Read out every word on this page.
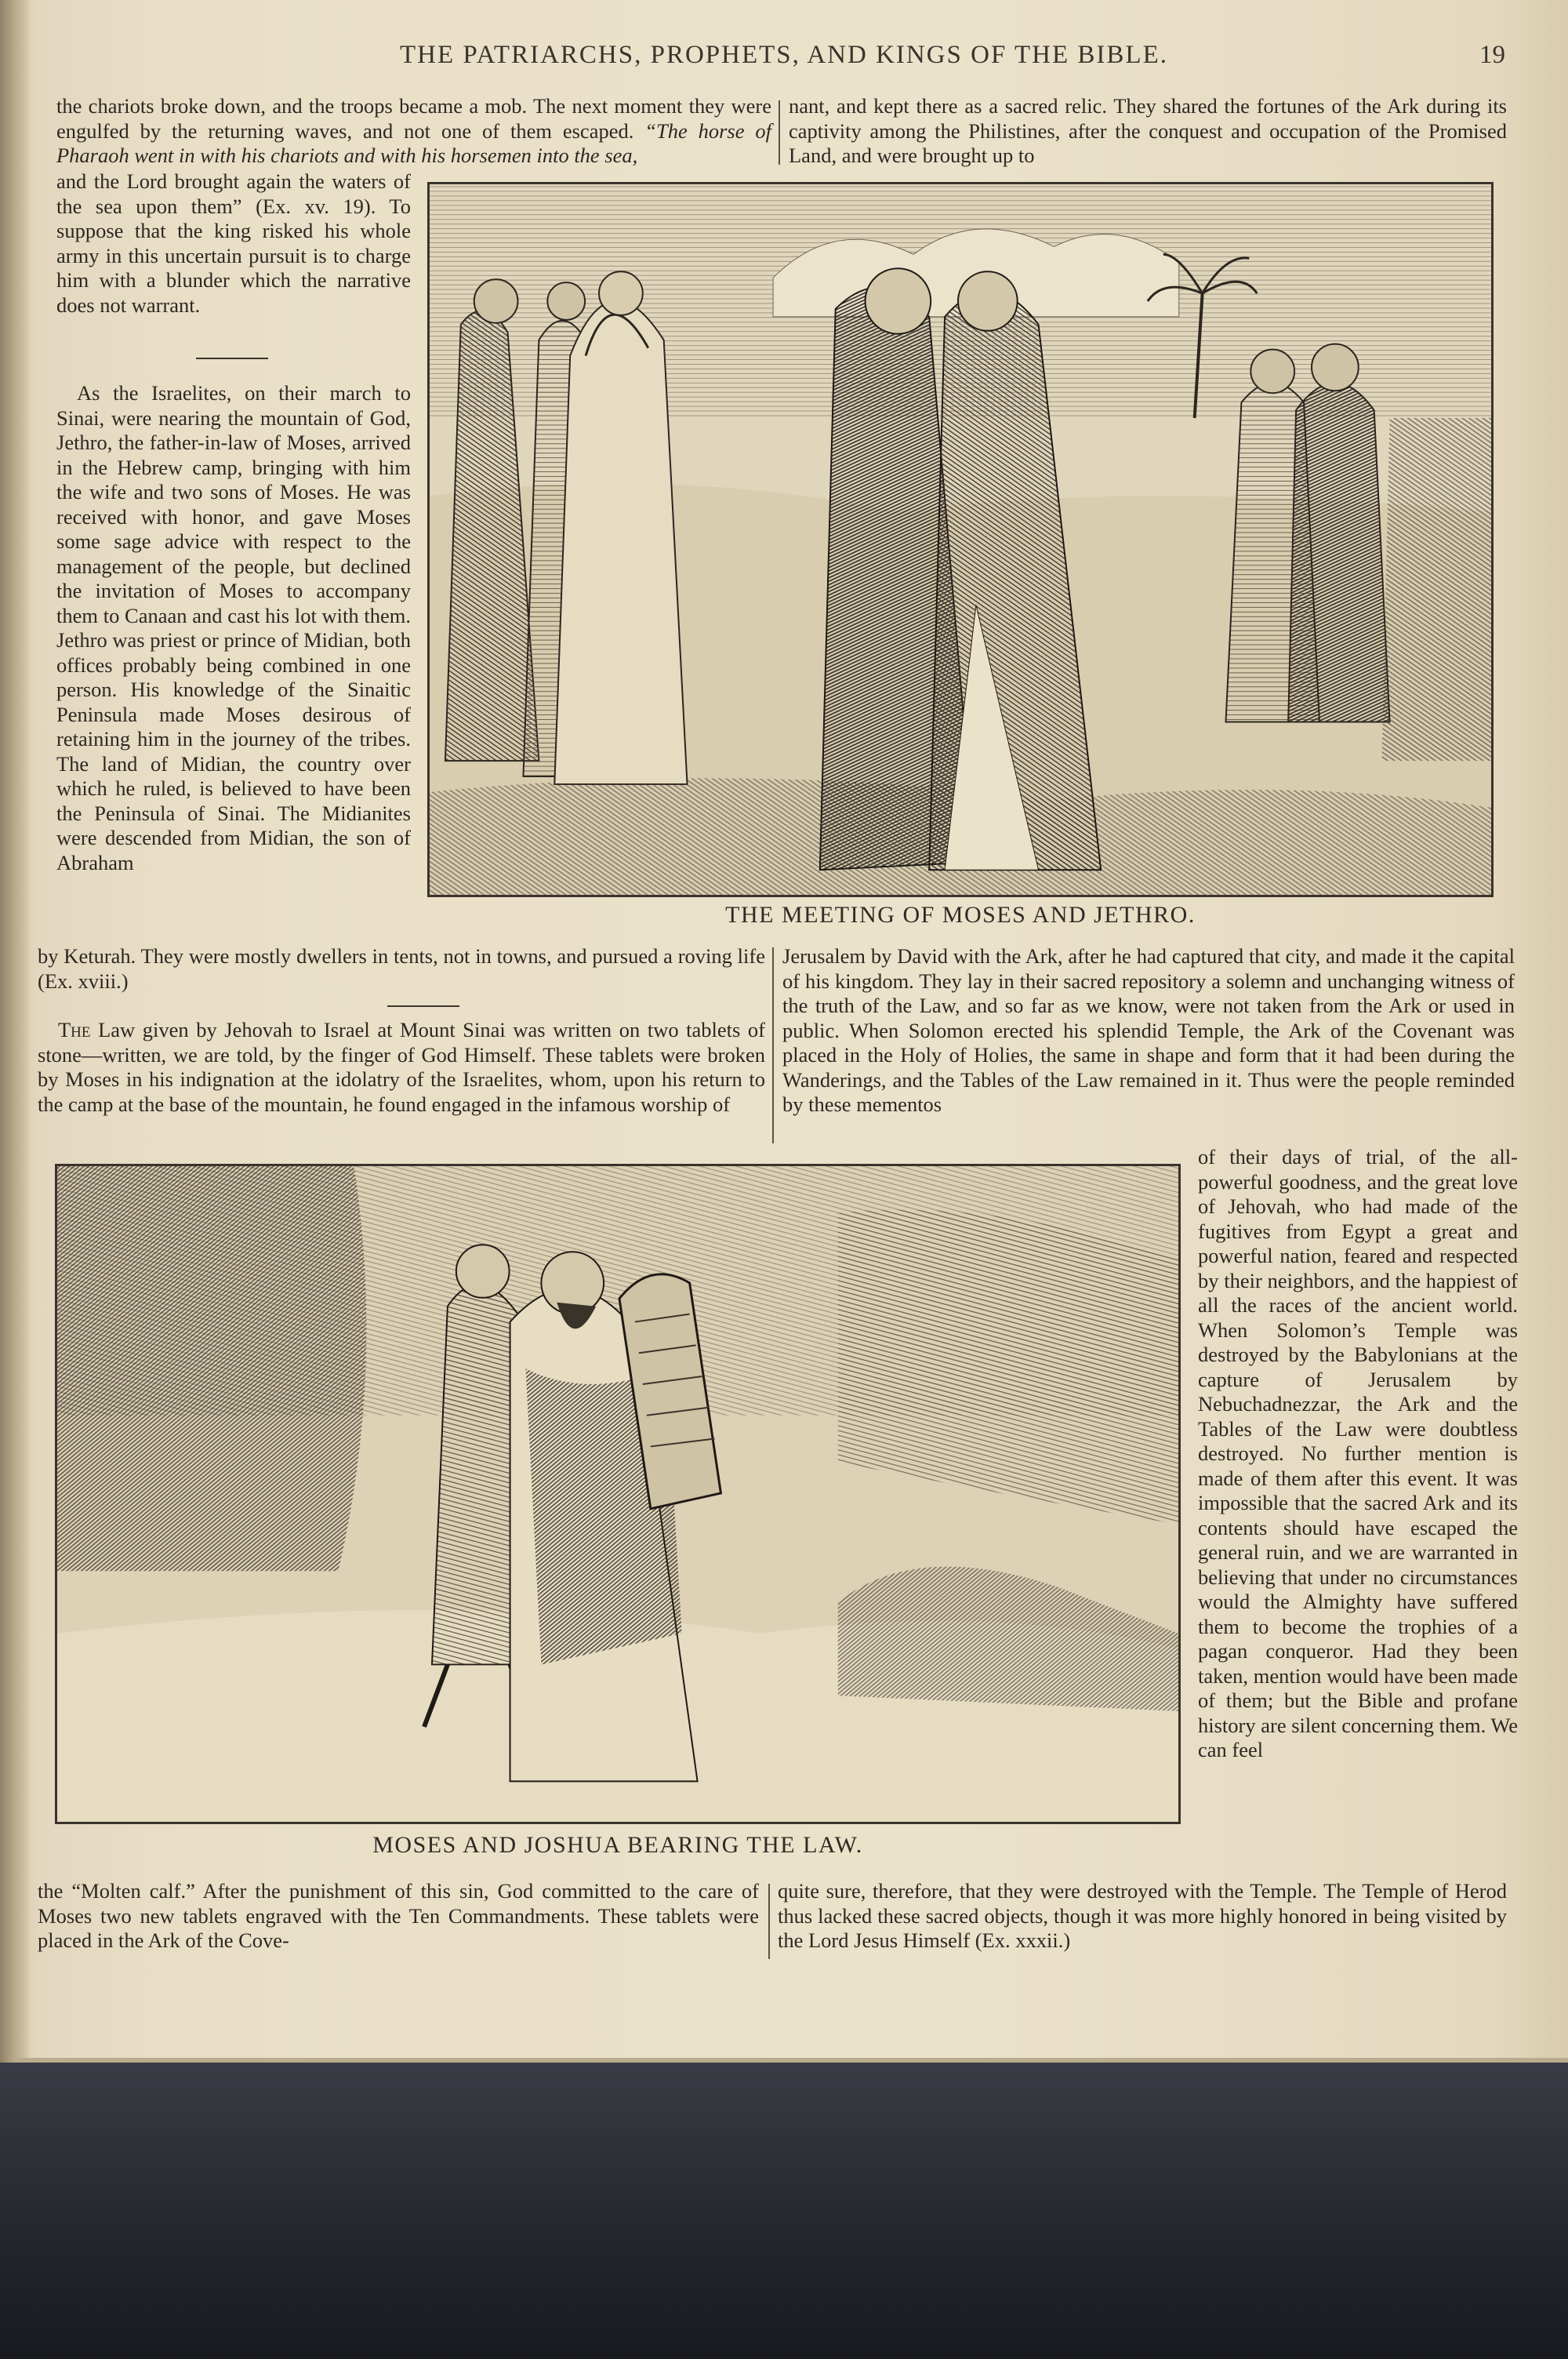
THE PATRIARCHS, PROPHETS, AND KINGS OF THE BIBLE.	19

the chariots broke down, and the troops became a mob. The next moment they were engulfed by the returning waves, and not one of them escaped. “The horse of Pharaoh went in with his chariots and with his horsemen into the sea,

nant, and kept there as a sacred relic. They shared the fortunes of the Ark during its captivity among the Philistines, after the conquest and occupation of the Promised Land, and were brought up to

and the Lord brought again the waters of the sea upon them” (Ex. xv. 19). To suppose that the king risked his whole army in this uncertain pursuit is to charge him with a blunder which the narrative does not warrant.

As the Israelites, on their march to Sinai, were nearing the mountain of God, Jethro, the father-in-law of Moses, arrived in the Hebrew camp, bringing with him the wife and two sons of Moses. He was received with honor, and gave Moses some sage advice with respect to the management of the people, but declined the invitation of Moses to accompany them to Canaan and cast his lot with them. Jethro was priest or prince of Midian, both offices probably being combined in one person. His knowledge of the Sinaitic Peninsula made Moses desirous of retaining him in the journey of the tribes. The land of Midian, the country over which he ruled, is believed to have been the Peninsula of Sinai. The Midianites were descended from Midian, the son of Abraham

THE MEETING OF MOSES AND JETHRO.

by Keturah. They were mostly dwellers in tents, not in towns, and pursued a roving life (Ex. xviii.)

The Law given by Jehovah to Israel at Mount Sinai was written on two tablets of stone—written, we are told, by the finger of God Himself. These tablets were broken by Moses in his indignation at the idolatry of the Israelites, whom, upon his return to the camp at the base of the mountain, he found engaged in the infamous worship of

Jerusalem by David with the Ark, after he had captured that city, and made it the capital of his kingdom. They lay in their sacred repository a solemn and unchanging witness of the truth of the Law, and so far as we know, were not taken from the Ark or used in public. When Solomon erected his splendid Temple, the Ark of the Covenant was placed in the Holy of Holies, the same in shape and form that it had been during the Wanderings, and the Tables of the Law remained in it. Thus were the people reminded by these mementos

MOSES AND JOSHUA BEARING THE LAW.

of their days of trial, of the all-powerful goodness, and the great love of Jehovah, who had made of the fugitives from Egypt a great and powerful nation, feared and respected by their neighbors, and the happiest of all the races of the ancient world. When Solomon’s Temple was destroyed by the Babylonians at the capture of Jerusalem by Nebuchadnezzar, the Ark and the Tables of the Law were doubtless destroyed. No further mention is made of them after this event. It was impossible that the sacred Ark and its contents should have escaped the general ruin, and we are warranted in believing that under no circumstances would the Almighty have suffered them to become the trophies of a pagan conqueror. Had they been taken, mention would have been made of them; but the Bible and profane history are silent concerning them. We can feel

the “Molten calf.” After the punishment of this sin, God committed to the care of Moses two new tablets engraved with the Ten Commandments. These tablets were placed in the Ark of the Cove-

quite sure, therefore, that they were destroyed with the Temple. The Temple of Herod thus lacked these sacred objects, though it was more highly honored in being visited by the Lord Jesus Himself (Ex. xxxii.)
